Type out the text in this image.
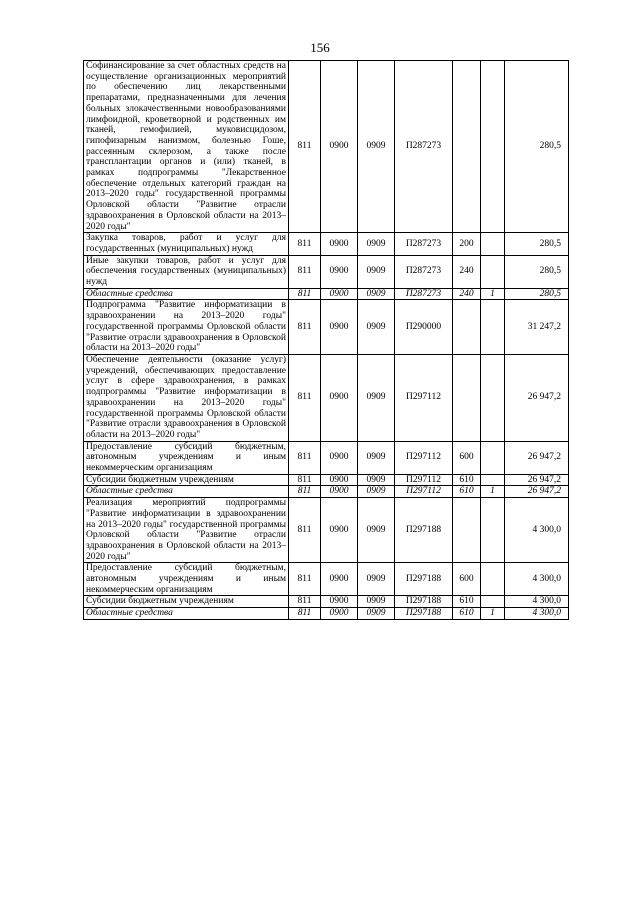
156
Софинансирование за счет областных средств на осуществление организационных мероприятий по обеспечению лиц лекарственными препаратами, предназначенными для лечения больных злокачественными новообразованиями лимфоидной, кроветворной и родственных им тканей, гемофилией, муковисцидозом, гипофизарным нанизмом, болезнью Гоше, рассеянным склерозом, а также после трансплантации органов и (или) тканей, в рамках подпрограммы "Лекарственное обеспечение отдельных категорий граждан на 2013–2020 годы" государственной программы Орловской области "Развитие отрасли здравоохранения в Орловской области на 2013–2020 годы"	811	0900	0909	П287273			280,5
Закупка товаров, работ и услуг для государственных (муниципальных) нужд	811	0900	0909	П287273	200		280,5
Иные закупки товаров, работ и услуг для обеспечения государственных (муниципальных) нужд	811	0900	0909	П287273	240		280,5
Областные средства	811	0900	0909	П287273	240	1	280,5
Подпрограмма "Развитие информатизации в здравоохранении на 2013–2020 годы" государственной программы Орловской области "Развитие отрасли здравоохранения в Орловской области на 2013–2020 годы"	811	0900	0909	П290000			31 247,2
Обеспечение деятельности (оказание услуг) учреждений, обеспечивающих предоставление услуг в сфере здравоохранения, в рамках подпрограммы "Развитие информатизации в здравоохранении на 2013–2020 годы" государственной программы Орловской области "Развитие отрасли здравоохранения в Орловской области на 2013–2020 годы"	811	0900	0909	П297112			26 947,2
Предоставление субсидий бюджетным, автономным учреждениям и иным некоммерческим организациям	811	0900	0909	П297112	600		26 947,2
Субсидии бюджетным учреждениям	811	0900	0909	П297112	610		26 947,2
Областные средства	811	0900	0909	П297112	610	1	26 947,2
Реализация мероприятий подпрограммы "Развитие информатизации в здравоохранении на 2013–2020 годы" государственной программы Орловской области "Развитие отрасли здравоохранения в Орловской области на 2013–2020 годы"	811	0900	0909	П297188			4 300,0
Предоставление субсидий бюджетным, автономным учреждениям и иным некоммерческим организациям	811	0900	0909	П297188	600		4 300,0
Субсидии бюджетным учреждениям	811	0900	0909	П297188	610		4 300,0
Областные средства	811	0900	0909	П297188	610	1	4 300,0
